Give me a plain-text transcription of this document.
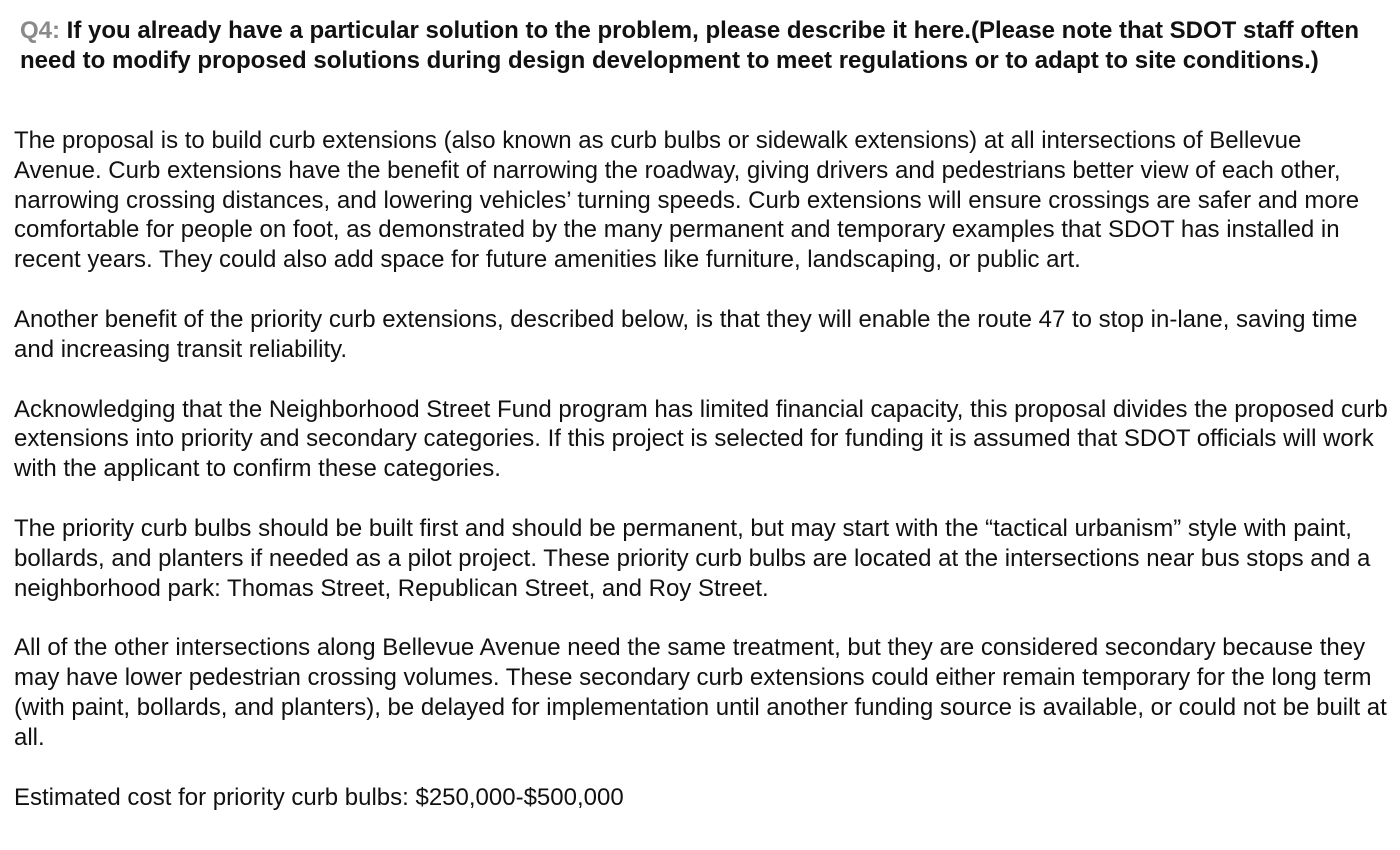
Q4: If you already have a particular solution to the problem, please describe it here.(Please note that SDOT staff often need to modify proposed solutions during design development to meet regulations or to adapt to site conditions.)

The proposal is to build curb extensions (also known as curb bulbs or sidewalk extensions) at all intersections of Bellevue Avenue. Curb extensions have the benefit of narrowing the roadway, giving drivers and pedestrians better view of each other, narrowing crossing distances, and lowering vehicles’ turning speeds. Curb extensions will ensure crossings are safer and more comfortable for people on foot, as demonstrated by the many permanent and temporary examples that SDOT has installed in recent years. They could also add space for future amenities like furniture, landscaping, or public art.

Another benefit of the priority curb extensions, described below, is that they will enable the route 47 to stop in-lane, saving time and increasing transit reliability.

Acknowledging that the Neighborhood Street Fund program has limited financial capacity, this proposal divides the proposed curb extensions into priority and secondary categories. If this project is selected for funding it is assumed that SDOT officials will work with the applicant to confirm these categories.

The priority curb bulbs should be built first and should be permanent, but may start with the “tactical urbanism” style with paint, bollards, and planters if needed as a pilot project. These priority curb bulbs are located at the intersections near bus stops and a neighborhood park: Thomas Street, Republican Street, and Roy Street.

All of the other intersections along Bellevue Avenue need the same treatment, but they are considered secondary because they may have lower pedestrian crossing volumes. These secondary curb extensions could either remain temporary for the long term (with paint, bollards, and planters), be delayed for implementation until another funding source is available, or could not be built at all.

Estimated cost for priority curb bulbs: $250,000-$500,000
